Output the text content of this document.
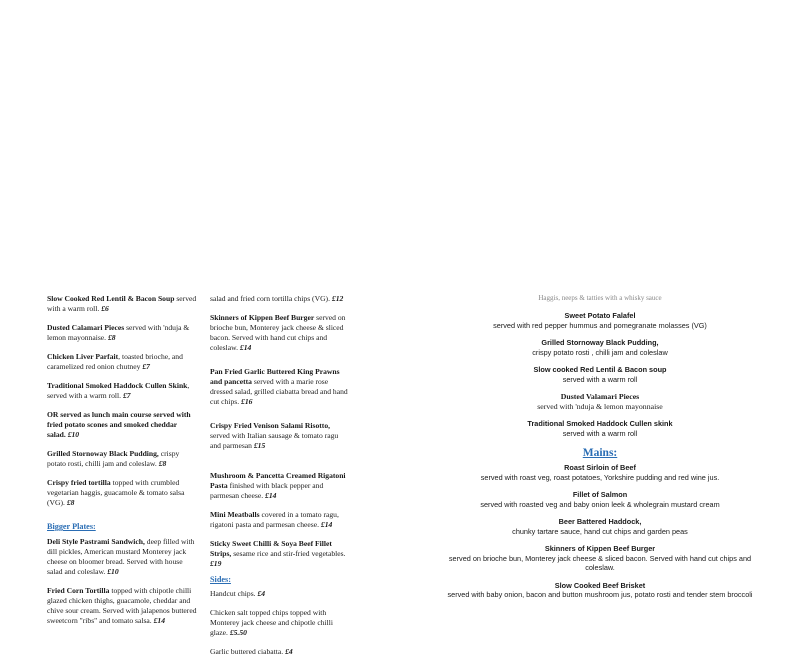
Slow Cooked Red Lentil & Bacon Soup served with a warm roll. £6

Dusted Calamari Pieces served with 'nduja & lemon mayonnaise. £8

Chicken Liver Parfait, toasted brioche, and caramelized red onion chutney £7

Traditional Smoked Haddock Cullen Skink, served with a warm roll. £7

OR served as lunch main course served with fried potato scones and smoked cheddar salad. £10

Grilled Stornoway Black Pudding, crispy potato rosti, chilli jam and coleslaw. £8

Crispy fried tortilla topped with crumbled vegetarian haggis, guacamole & tomato salsa (VG). £8

Bigger Plates:

Deli Style Pastrami Sandwich, deep filled with dill pickles, American mustard Monterey jack cheese on bloomer bread. Served with house salad and coleslaw. £10

Fried Corn Tortilla topped with chipotle chilli glazed chicken thighs, guacamole, cheddar and chive sour cream. Served with jalapenos buttered sweetcorn "ribs" and tomato salsa. £14

salad and fried corn tortilla chips (VG). £12

Skinners of Kippen Beef Burger served on brioche bun, Monterey jack cheese & sliced bacon. Served with hand cut chips and coleslaw. £14

Pan Fried Garlic Buttered King Prawns and pancetta served with a marie rose dressed salad, grilled ciabatta bread and hand cut chips. £16

Crispy Fried Venison Salami Risotto, served with Italian sausage & tomato ragu and parmesan £15

Mushroom & Pancetta Creamed Rigatoni Pasta finished with black pepper and parmesan cheese. £14

Mini Meatballs covered in a tomato ragu, rigatoni pasta and parmesan cheese. £14

Sticky Sweet Chilli & Soya Beef Fillet Strips, sesame rice and stir-fried vegetables. £19

Sides:

Handcut chips. £4

Chicken salt topped chips topped with Monterey jack cheese and chipotle chilli glaze. £5.50

Garlic buttered ciabatta. £4

Haggis, neeps & tatties with a whisky sauce
Sweet Potato Falafel
served with red pepper hummus and pomegranate molasses (VG)
Grilled Stornoway Black Pudding,
crispy potato rosti , chilli jam and coleslaw
Slow cooked Red Lentil & Bacon soup
served with a warm roll
Dusted Valamari Pieces
served with 'nduja & lemon mayonnaise
Traditional Smoked Haddock Cullen skink
served with a warm roll
Mains:
Roast Sirloin of Beef
served with roast veg, roast potatoes, Yorkshire pudding and red wine jus.
Fillet of Salmon
served with roasted veg and baby onion leek & wholegrain mustard cream
Beer Battered Haddock,
chunky tartare sauce, hand cut chips and garden peas
Skinners of Kippen Beef Burger
served on brioche bun, Monterey jack cheese & sliced bacon. Served with hand cut chips and coleslaw.
Slow Cooked Beef Brisket
served with baby onion, bacon and button mushroom jus, potato rosti and tender stem broccoli
